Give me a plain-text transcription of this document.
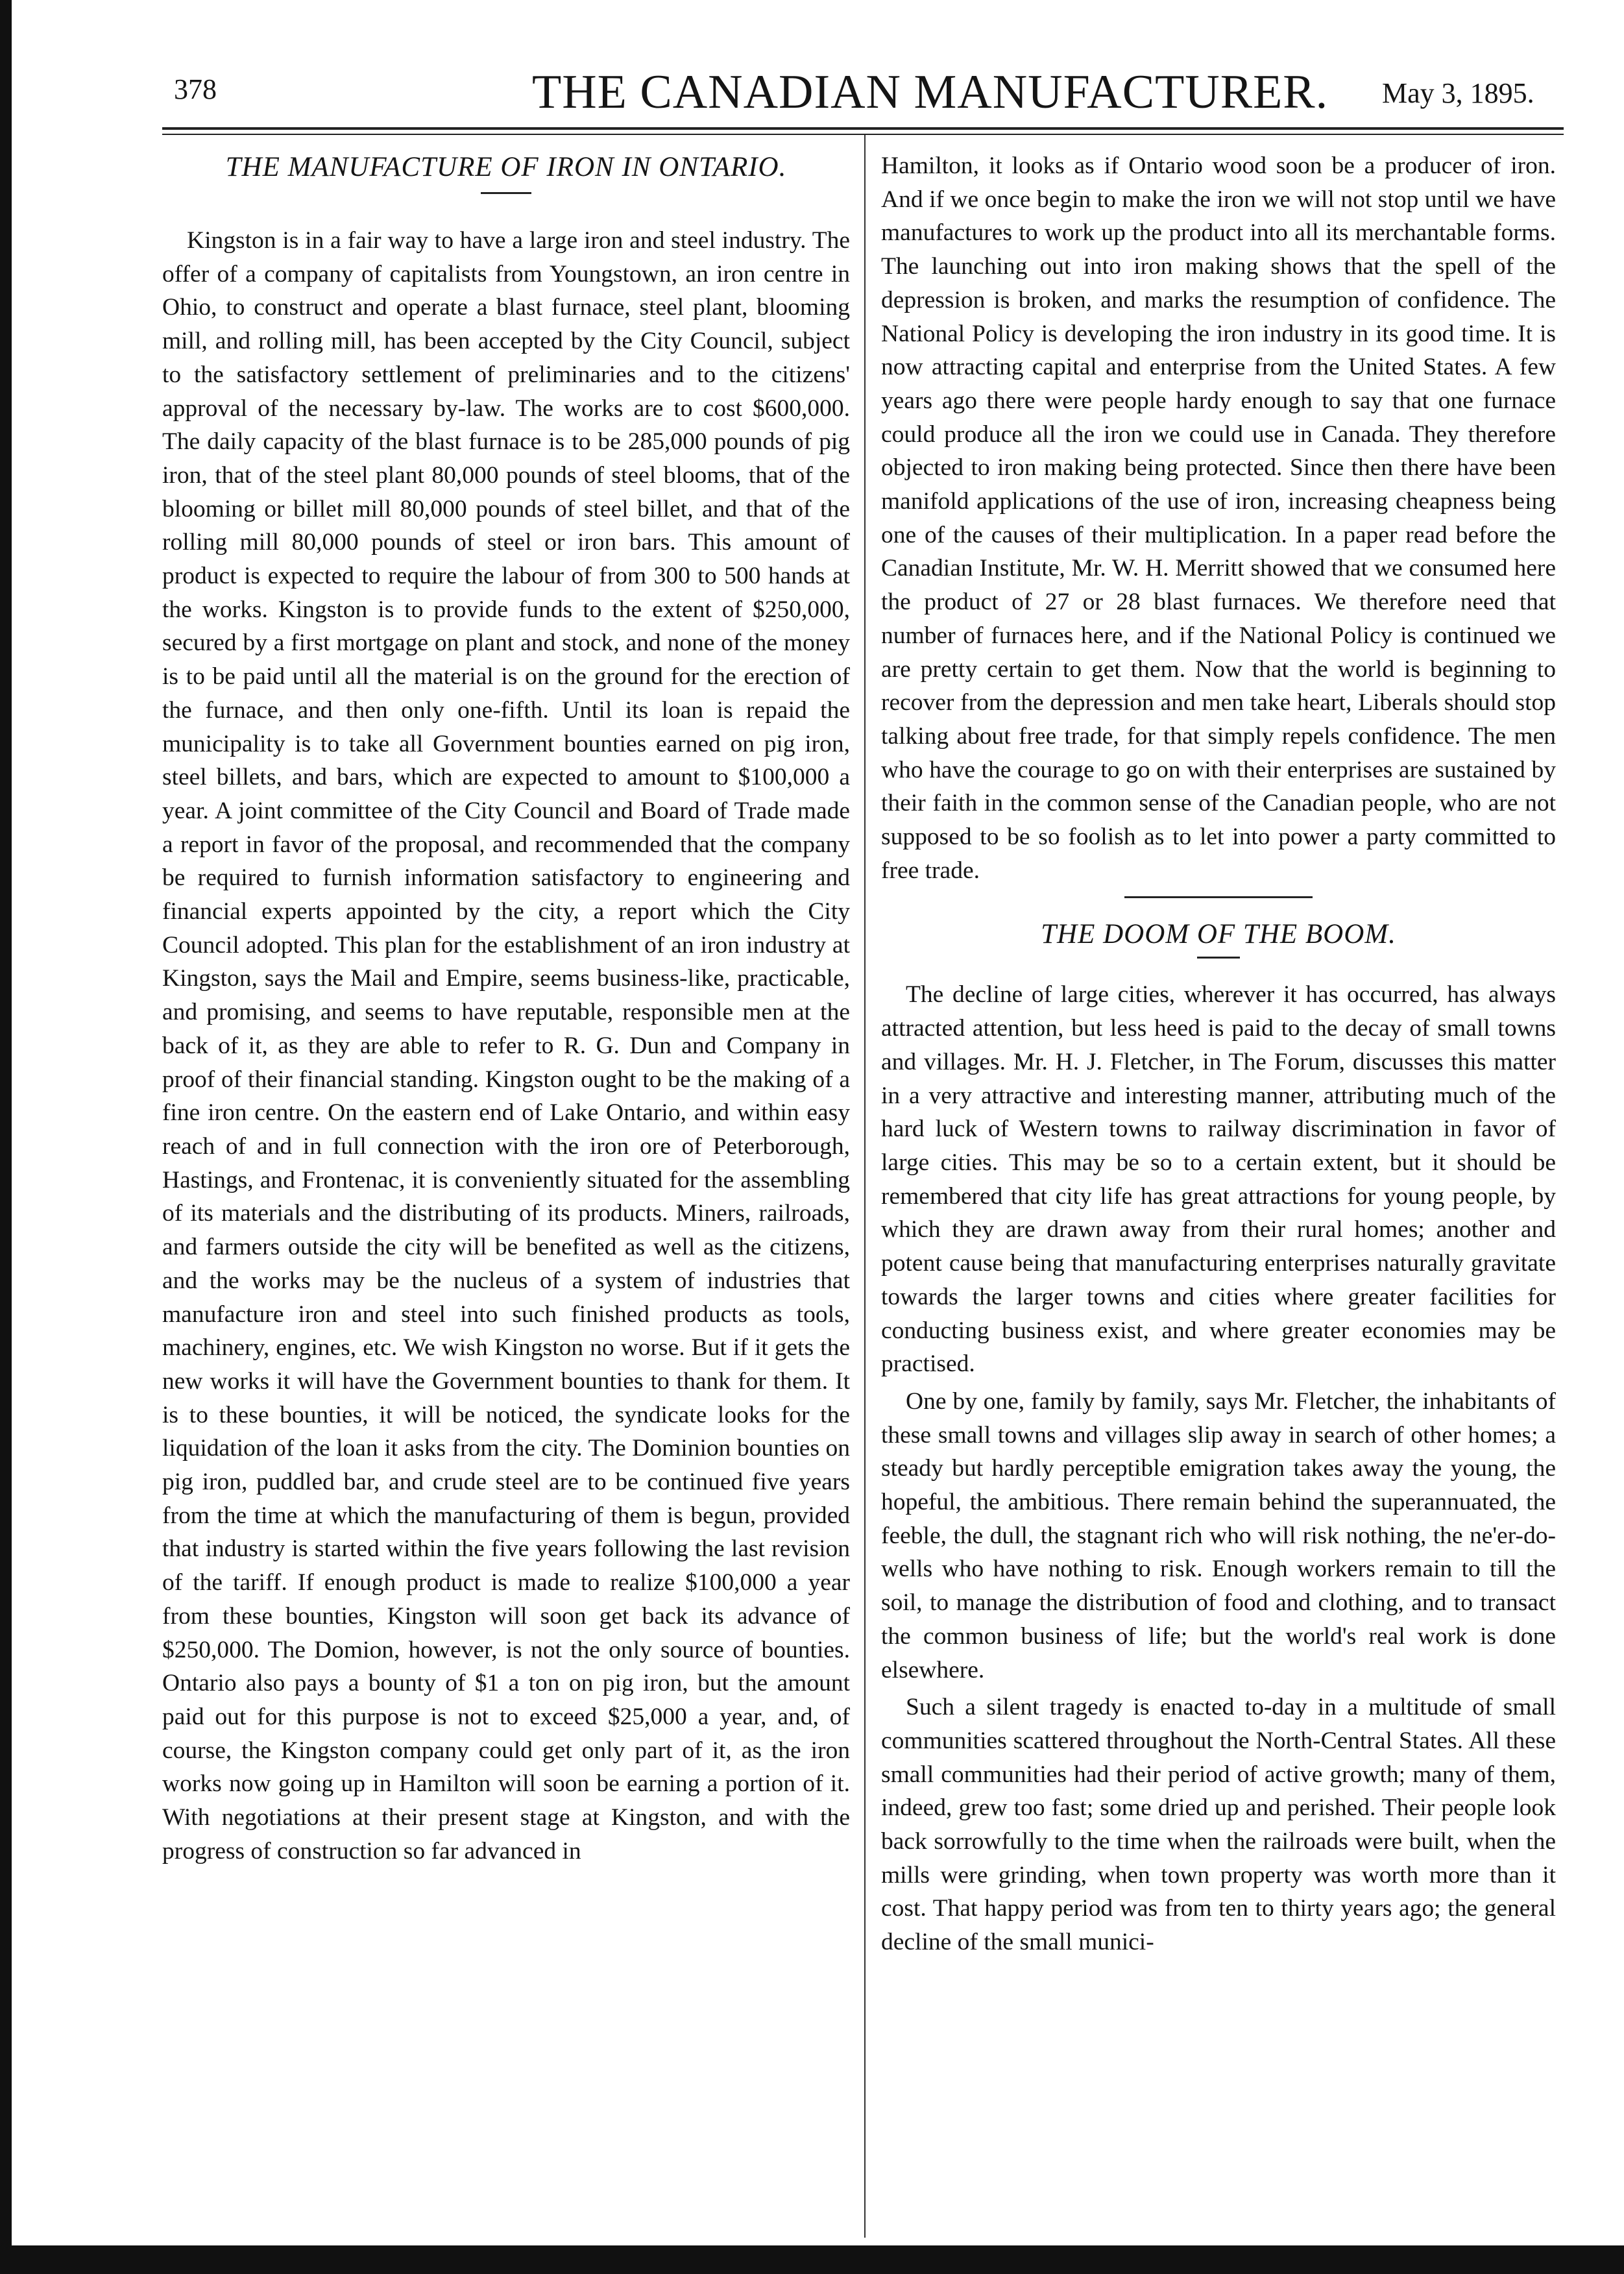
378	THE CANADIAN MANUFACTURER. May 3, 1895.
THE MANUFACTURE OF IRON IN ONTARIO.

Kingston is in a fair way to have a large iron and steel industry. The offer of a company of capitalists from Youngstown, an iron centre in Ohio, to construct and operate a blast furnace, steel plant, blooming mill, and rolling mill, has been accepted by the City Council, subject to the satisfactory settlement of preliminaries and to the citizens' approval of the necessary by-law. The works are to cost $600,000. The daily capacity of the blast furnace is to be 285,000 pounds of pig iron, that of the steel plant 80,000 pounds of steel blooms, that of the blooming or billet mill 80,000 pounds of steel billet, and that of the rolling mill 80,000 pounds of steel or iron bars. This amount of product is expected to require the labour of from 300 to 500 hands at the works. Kingston is to provide funds to the extent of $250,000, secured by a first mortgage on plant and stock, and none of the money is to be paid until all the material is on the ground for the erection of the furnace, and then only one-fifth. Until its loan is repaid the municipality is to take all Government bounties earned on pig iron, steel billets, and bars, which are expected to amount to $100,000 a year. A joint committee of the City Council and Board of Trade made a report in favor of the proposal, and recommended that the company be required to furnish information satisfactory to engineering and financial experts appointed by the city, a report which the City Council adopted. This plan for the establishment of an iron industry at Kingston, says the Mail and Empire, seems business-like, practicable, and promising, and seems to have reputable, responsible men at the back of it, as they are able to refer to R. G. Dun and Company in proof of their financial standing. Kingston ought to be the making of a fine iron centre. On the eastern end of Lake Ontario, and within easy reach of and in full connection with the iron ore of Peterborough, Hastings, and Frontenac, it is conveniently situated for the assembling of its materials and the distributing of its products. Miners, railroads, and farmers outside the city will be benefited as well as the citizens, and the works may be the nucleus of a system of industries that manufacture iron and steel into such finished products as tools, machinery, engines, etc. We wish Kingston no worse. But if it gets the new works it will have the Government bounties to thank for them. It is to these bounties, it will be noticed, the syndicate looks for the liquidation of the loan it asks from the city. The Dominion bounties on pig iron, puddled bar, and crude steel are to be continued five years from the time at which the manufacturing of them is begun, provided that industry is started within the five years following the last revision of the tariff. If enough product is made to realize $100,000 a year from these bounties, Kingston will soon get back its advance of $250,000. The Domion, however, is not the only source of bounties. Ontario also pays a bounty of $1 a ton on pig iron, but the amount paid out for this purpose is not to exceed $25,000 a year, and, of course, the Kingston company could get only part of it, as the iron works now going up in Hamilton will soon be earning a portion of it. With negotiations at their present stage at Kingston, and with the progress of construction so far advanced in

Hamilton, it looks as if Ontario wood soon be a producer of iron. And if we once begin to make the iron we will not stop until we have manufactures to work up the product into all its merchantable forms. The launching out into iron making shows that the spell of the depression is broken, and marks the resumption of confidence. The National Policy is developing the iron industry in its good time. It is now attracting capital and enterprise from the United States. A few years ago there were people hardy enough to say that one furnace could produce all the iron we could use in Canada. They therefore objected to iron making being protected. Since then there have been manifold applications of the use of iron, increasing cheapness being one of the causes of their multiplication. In a paper read before the Canadian Institute, Mr. W. H. Merritt showed that we consumed here the product of 27 or 28 blast furnaces. We therefore need that number of furnaces here, and if the National Policy is continued we are pretty certain to get them. Now that the world is beginning to recover from the depression and men take heart, Liberals should stop talking about free trade, for that simply repels confidence. The men who have the courage to go on with their enterprises are sustained by their faith in the common sense of the Canadian people, who are not supposed to be so foolish as to let into power a party committed to free trade.

THE DOOM OF THE BOOM.

The decline of large cities, wherever it has occurred, has always attracted attention, but less heed is paid to the decay of small towns and villages. Mr. H. J. Fletcher, in The Forum, discusses this matter in a very attractive and interesting manner, attributing much of the hard luck of Western towns to railway discrimination in favor of large cities. This may be so to a certain extent, but it should be remembered that city life has great attractions for young people, by which they are drawn away from their rural homes; another and potent cause being that manufacturing enterprises naturally gravitate towards the larger towns and cities where greater facilities for conducting business exist, and where greater economies may be practised.

One by one, family by family, says Mr. Fletcher, the inhabitants of these small towns and villages slip away in search of other homes; a steady but hardly perceptible emigration takes away the young, the hopeful, the ambitious. There remain behind the superannuated, the feeble, the dull, the stagnant rich who will risk nothing, the ne'er-do-wells who have nothing to risk. Enough workers remain to till the soil, to manage the distribution of food and clothing, and to transact the common business of life; but the world's real work is done elsewhere.

Such a silent tragedy is enacted to-day in a multitude of small communities scattered throughout the North-Central States. All these small communities had their period of active growth; many of them, indeed, grew too fast; some dried up and perished. Their people look back sorrowfully to the time when the railroads were built, when the mills were grinding, when town property was worth more than it cost. That happy period was from ten to thirty years ago; the general decline of the small munici-
